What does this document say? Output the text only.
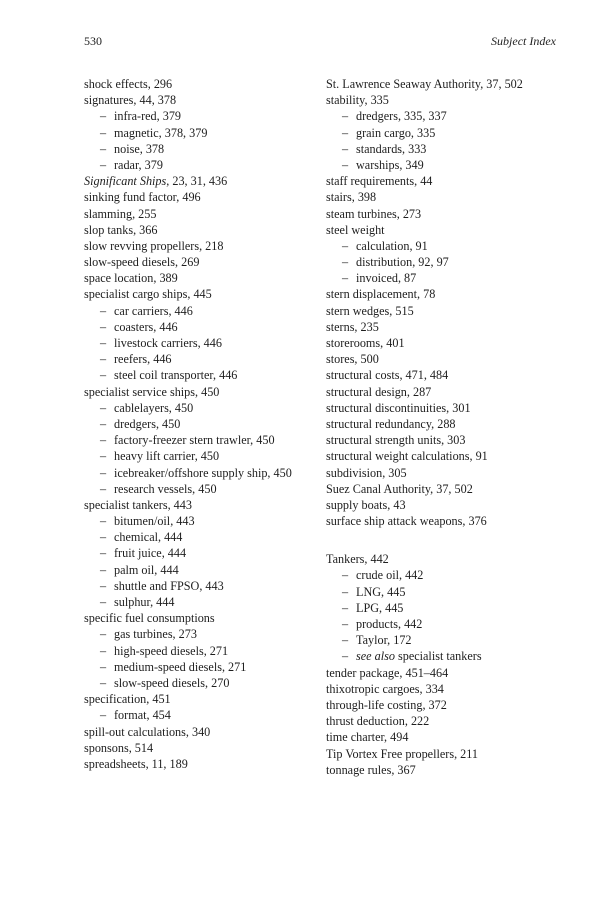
530	Subject Index
shock effects, 296
signatures, 44, 378
– infra-red, 379
– magnetic, 378, 379
– noise, 378
– radar, 379
Significant Ships, 23, 31, 436
sinking fund factor, 496
slamming, 255
slop tanks, 366
slow revving propellers, 218
slow-speed diesels, 269
space location, 389
specialist cargo ships, 445
– car carriers, 446
– coasters, 446
– livestock carriers, 446
– reefers, 446
– steel coil transporter, 446
specialist service ships, 450
– cablelayers, 450
– dredgers, 450
– factory-freezer stern trawler, 450
– heavy lift carrier, 450
– icebreaker/offshore supply ship, 450
– research vessels, 450
specialist tankers, 443
– bitumen/oil, 443
– chemical, 444
– fruit juice, 444
– palm oil, 444
– shuttle and FPSO, 443
– sulphur, 444
specific fuel consumptions
– gas turbines, 273
– high-speed diesels, 271
– medium-speed diesels, 271
– slow-speed diesels, 270
specification, 451
– format, 454
spill-out calculations, 340
sponsons, 514
spreadsheets, 11, 189
St. Lawrence Seaway Authority, 37, 502
stability, 335
– dredgers, 335, 337
– grain cargo, 335
– standards, 333
– warships, 349
staff requirements, 44
stairs, 398
steam turbines, 273
steel weight
– calculation, 91
– distribution, 92, 97
– invoiced, 87
stern displacement, 78
stern wedges, 515
sterns, 235
storerooms, 401
stores, 500
structural costs, 471, 484
structural design, 287
structural discontinuities, 301
structural redundancy, 288
structural strength units, 303
structural weight calculations, 91
subdivision, 305
Suez Canal Authority, 37, 502
supply boats, 43
surface ship attack weapons, 376
Tankers, 442
– crude oil, 442
– LNG, 445
– LPG, 445
– products, 442
– Taylor, 172
– see also specialist tankers
tender package, 451–464
thixotropic cargoes, 334
through-life costing, 372
thrust deduction, 222
time charter, 494
Tip Vortex Free propellers, 211
tonnage rules, 367
